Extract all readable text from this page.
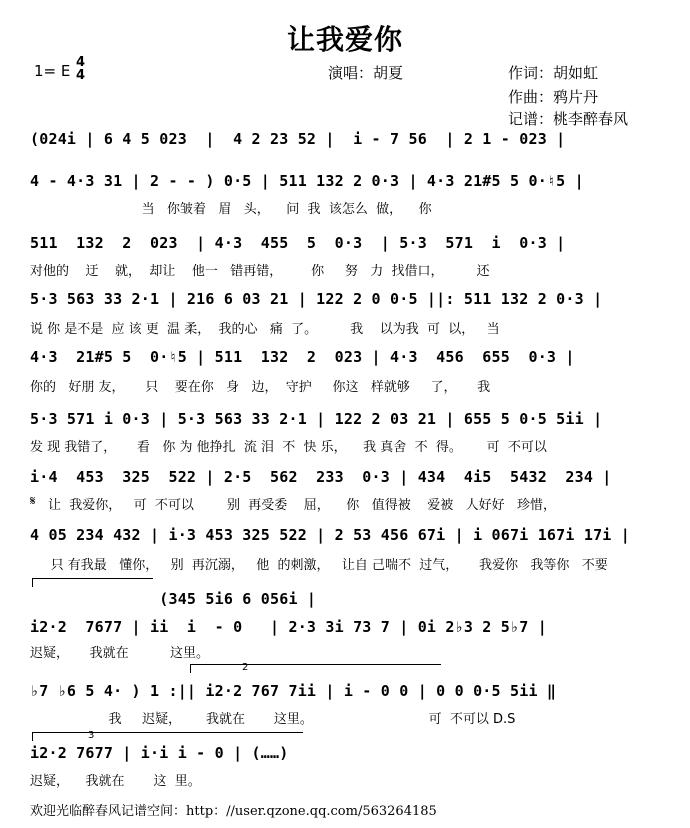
让我爱你
1= E 4
4	演唱：胡夏	作词：胡如虹
作曲：鸦片丹
记谱：桃李醉春风
(024i | 6 4 5 023  |  4 2 23 52 |  i - 7 56  | 2 1 - 023 |
4 - 4·3 31 | 2 - - ) 0·5 | 511 132 2 0·3 | 4·3 21#5 5 0·♮5 |
当   你皱着   眉   头，    问  我  该怎么  做，    你
511  132  2  023  | 4·3  455  5  0·3  | 5·3  571  i  0·3 |
对他的    迂    就，  却让    他一   错再错，       你     努   力  找借口，        还
5·3 563 33 2·1 | 216 6 03 21 | 122 2 0 0·5 ||: 511 132 2 0·3 |
说 你 是不是  应 该 更  温 柔，  我的心   痛  了。        我    以为我  可  以，   当
4·3  21#5 5  0·♮5 | 511  132  2  023 | 4·3  456  655  0·3 |
你的   好朋 友，     只    要在你   身   边，  守护     你这   样就够     了，     我
5·3 571 i 0·3 | 5·3 563 33 2·1 | 122 2 03 21 | 655 5 0·5 5ii |
发 现 我错了，     看   你 为 他挣扎  流 泪  不  快 乐，    我 真舍  不  得。      可  不可以
i·4  453  325  522 | 2·5  562  233  0·3 | 434  4i5  5432  234 |
𝄋 让  我爱你，   可  不可以        别  再受委    屈，    你   值得被    爱被   人好好   珍惜，
4 05 234 432 | i·3 453 325 522 | 2 53 456 67i | i 067i 167i 17i |
只 有我最   懂你，   别  再沉溺，   他  的刺激，   让自 己喘不  过气，     我爱你   我等你   不要
(345 5i6 6 056i |
i2·2  7677 | ii  i  - 0   | 2·3 3i 73 7 | 0i 2♭3 2 5♭7 |
迟疑，     我就在          这里。
2
♭7 ♭6 5 4· ) 1 :|| i2·2 767 7ii | i - 0 0 | 0 0 0·5 5ii ‖
我     迟疑，      我就在       这里。                            可  不可以 D.S
3
i2·2 7677 | i·i i - 0 | (……)
迟疑，    我就在       这  里。
欢迎光临醉春风记谱空间：http：//user.qzone.qq.com/563264185
